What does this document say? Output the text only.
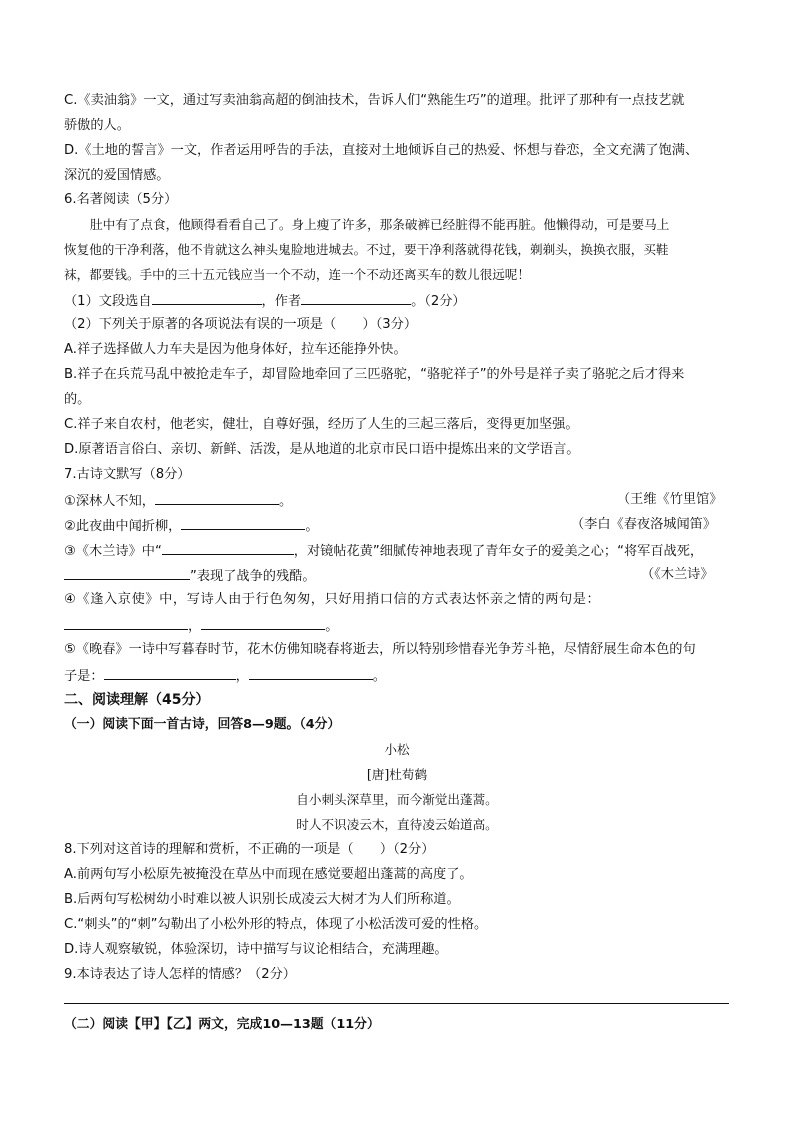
C.《卖油翁》一文，通过写卖油翁高超的倒油技术，告诉人们“熟能生巧”的道理。批评了那种有一点技艺就
骄傲的人。
D.《土地的誓言》一文，作者运用呼告的手法，直接对土地倾诉自己的热爱、怀想与眷恋，全文充满了饱满、
深沉的爱国情感。
6.名著阅读（5分）
肚中有了点食，他顾得看看自己了。身上瘦了许多，那条破裤已经脏得不能再脏。他懒得动，可是要马上
恢复他的干净利落，他不肯就这么神头鬼脸地进城去。不过，要干净利落就得花钱，剃剃头，换换衣服，买鞋
袜，都要钱。手中的三十五元钱应当一个不动，连一个不动还离买车的数儿很远呢！
（1）文段选自	，作者	。（2分）
（2）下列关于原著的各项说法有误的一项是（　　）（3分）
A.祥子选择做人力车夫是因为他身体好，拉车还能挣外快。
B.祥子在兵荒马乱中被抢走车子，却冒险地牵回了三匹骆驼，“骆驼祥子”的外号是祥子卖了骆驼之后才得来
的。
C.祥子来自农村，他老实，健壮，自尊好强，经历了人生的三起三落后，变得更加坚强。
D.原著语言俗白、亲切、新鲜、活泼，是从地道的北京市民口语中提炼出来的文学语言。
7.古诗文默写（8分）
①深林人不知，	。	（王维《竹里馆》
②此夜曲中闻折柳，	。	（李白《春夜洛城闻笛》
③《木兰诗》中“	，对镜帖花黄”细腻传神地表现了青年女子的爱美之心；“将军百战死，
”表现了战争的残酷。	（《木兰诗》
④《逢入京使》中，写诗人由于行色匆匆，只好用捎口信的方式表达怀亲之情的两句是：
，	。
⑤《晚春》一诗中写暮春时节，花木仿佛知晓春将逝去，所以特别珍惜春光争芳斗艳，尽情舒展生命本色的句
子是：	，	。
二、阅读理解（45分）
（一）阅读下面一首古诗，回答8—9题。（4分）
小松
[唐]杜荀鹤
自小刺头深草里，而今渐觉出蓬蒿。
时人不识凌云木，直待凌云始道高。
8.下列对这首诗的理解和赏析，不正确的一项是（　　）（2分）
A.前两句写小松原先被掩没在草丛中而现在感觉要超出蓬蒿的高度了。
B.后两句写松树幼小时难以被人识别长成凌云大树才为人们所称道。
C.“刺头”的“刺”勾勒出了小松外形的特点，体现了小松活泼可爱的性格。
D.诗人观察敏锐，体验深切，诗中描写与议论相结合，充满理趣。
9.本诗表达了诗人怎样的情感？（2分）
（二）阅读【甲】【乙】两文，完成10—13题（11分）
